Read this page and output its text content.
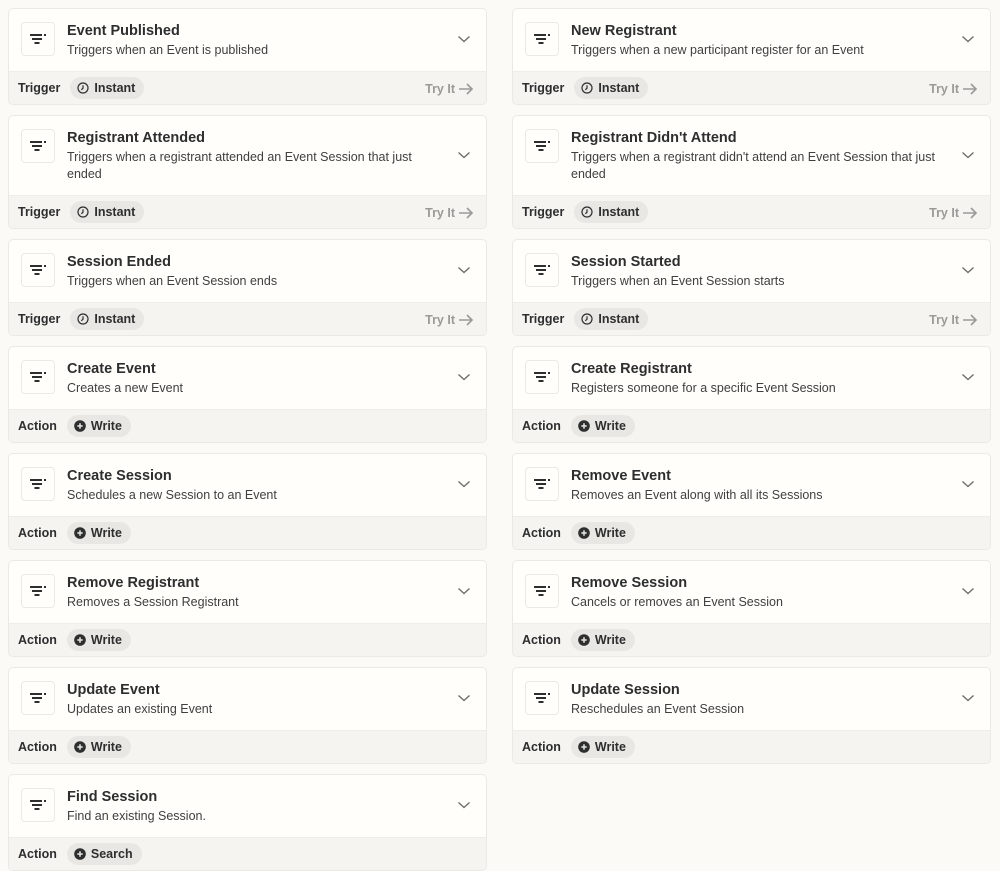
Event Published
Triggers when an Event is published
Trigger	Instant	Try It
New Registrant
Triggers when a new participant register for an Event
Trigger	Instant	Try It
Registrant Attended
Triggers when a registrant attended an Event Session that just ended
Trigger	Instant	Try It
Registrant Didn't Attend
Triggers when a registrant didn't attend an Event Session that just ended
Trigger	Instant	Try It
Session Ended
Triggers when an Event Session ends
Trigger	Instant	Try It
Session Started
Triggers when an Event Session starts
Trigger	Instant	Try It
Create Event
Creates a new Event
Action	Write
Create Registrant
Registers someone for a specific Event Session
Action	Write
Create Session
Schedules a new Session to an Event
Action	Write
Remove Event
Removes an Event along with all its Sessions
Action	Write
Remove Registrant
Removes a Session Registrant
Action	Write
Remove Session
Cancels or removes an Event Session
Action	Write
Update Event
Updates an existing Event
Action	Write
Update Session
Reschedules an Event Session
Action	Write
Find Session
Find an existing Session.
Action	Search
